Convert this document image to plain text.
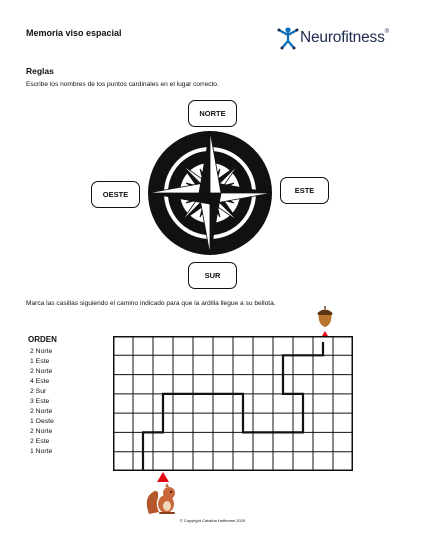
Memoria viso espacial	Neurofitness®
Reglas
Escribe los nombres de los puntos cardinales en el lugar correcto.
NORTE
OESTE	ESTE
SUR
Marca las casillas siguiendo el camino indicado para que la ardilla llegue a su bellota.
ORDEN
2 Norte
1 Este
2 Norte
4 Este
2 Sur
3 Este
2 Norte
1 Oeste
2 Norte
2 Este
1 Norte
© Copyright Catalina Hoffmann 2020
